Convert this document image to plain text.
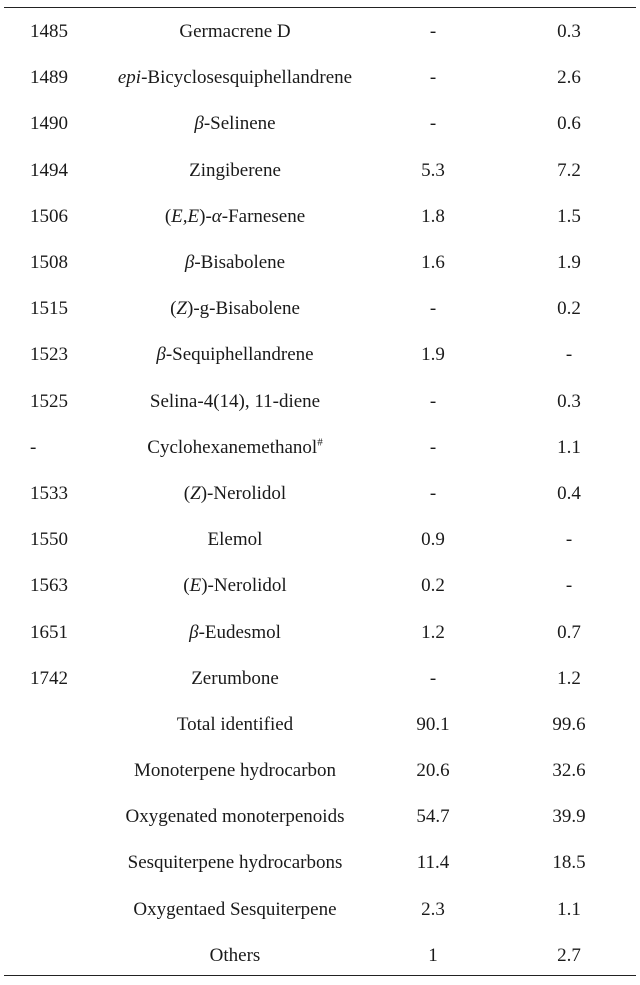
1485	Germacrene D	-	0.3
1489	epi-Bicyclosesquiphellandrene	-	2.6
1490	β-Selinene	-	0.6
1494	Zingiberene	5.3	7.2
1506	(E,E)-α-Farnesene	1.8	1.5
1508	β-Bisabolene	1.6	1.9
1515	(Z)-g-Bisabolene	-	0.2
1523	β-Sequiphellandrene	1.9	-
1525	Selina-4(14), 11-diene	-	0.3
-	Cyclohexanemethanol#	-	1.1
1533	(Z)-Nerolidol	-	0.4
1550	Elemol	0.9	-
1563	(E)-Nerolidol	0.2	-
1651	β-Eudesmol	1.2	0.7
1742	Zerumbone	-	1.2
	Total identified	90.1	99.6
	Monoterpene hydrocarbon	20.6	32.6
	Oxygenated monoterpenoids	54.7	39.9
	Sesquiterpene hydrocarbons	11.4	18.5
	Oxygentaed Sesquiterpene	2.3	1.1
	Others	1	2.7
